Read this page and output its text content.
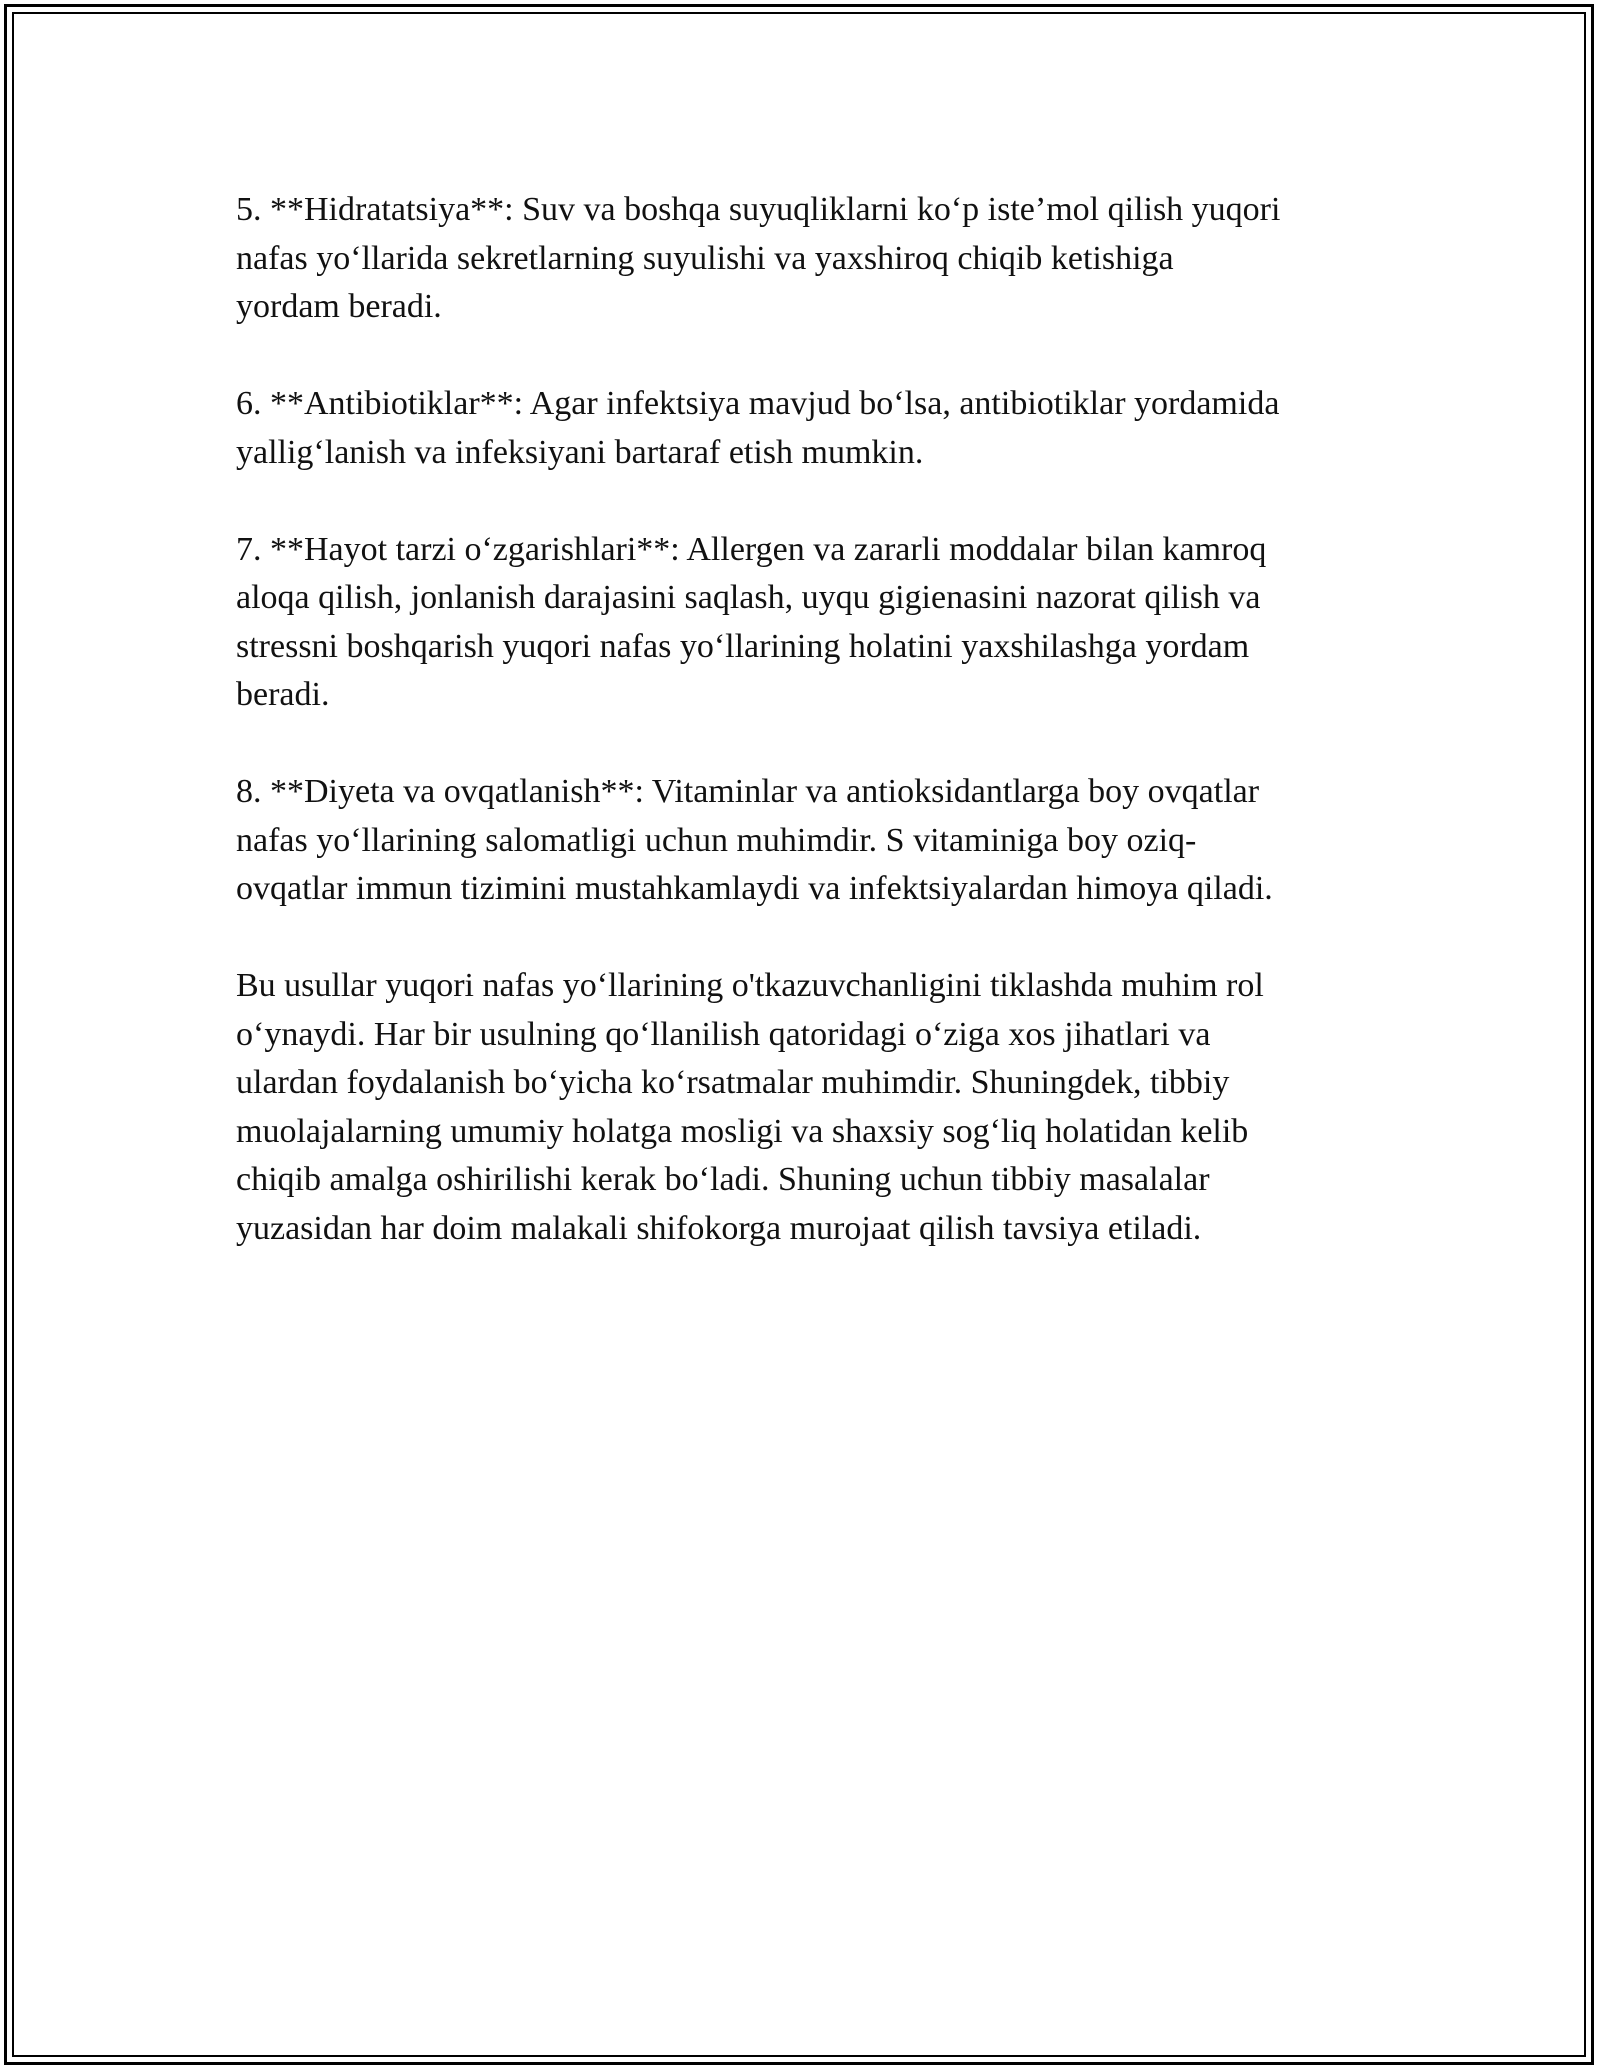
5. **Hidratatsiya**: Suv va boshqa suyuqliklarni ko‘p iste’mol qilish yuqori
nafas yo‘llarida sekretlarning suyulishi va yaxshiroq chiqib ketishiga
yordam beradi.
6. **Antibiotiklar**: Agar infektsiya mavjud bo‘lsa, antibiotiklar yordamida
yallig‘lanish va infeksiyani bartaraf etish mumkin.
7. **Hayot tarzi o‘zgarishlari**: Allergen va zararli moddalar bilan kamroq
aloqa qilish, jonlanish darajasini saqlash, uyqu gigienasini nazorat qilish va
stressni boshqarish yuqori nafas yo‘llarining holatini yaxshilashga yordam
beradi.
8. **Diyeta va ovqatlanish**: Vitaminlar va antioksidantlarga boy ovqatlar
nafas yo‘llarining salomatligi uchun muhimdir. S vitaminiga boy oziq-
ovqatlar immun tizimini mustahkamlaydi va infektsiyalardan himoya qiladi.
Bu usullar yuqori nafas yo‘llarining o'tkazuvchanligini tiklashda muhim rol
o‘ynaydi. Har bir usulning qo‘llanilish qatoridagi o‘ziga xos jihatlari va
ulardan foydalanish bo‘yicha ko‘rsatmalar muhimdir. Shuningdek, tibbiy
muolajalarning umumiy holatga mosligi va shaxsiy sog‘liq holatidan kelib
chiqib amalga oshirilishi kerak bo‘ladi. Shuning uchun tibbiy masalalar
yuzasidan har doim malakali shifokorga murojaat qilish tavsiya etiladi.
